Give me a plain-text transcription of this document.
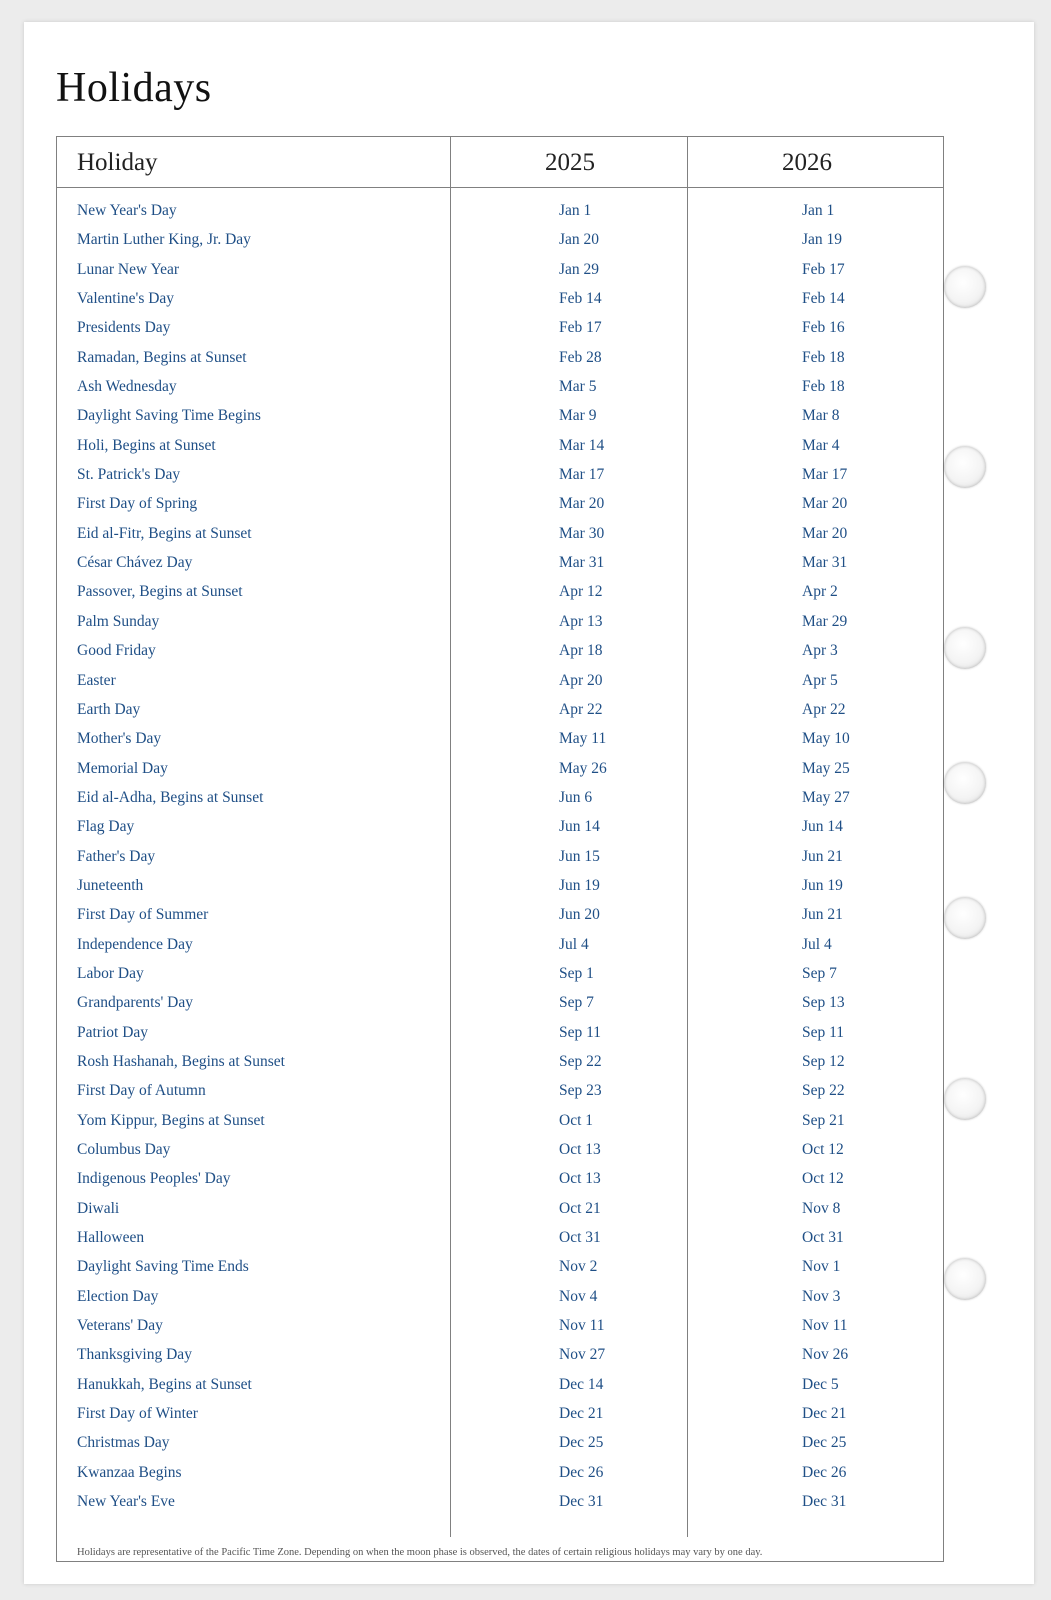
Holidays
Holiday	2025	2026
New Year's Day	Jan 1	Jan 1
Martin Luther King, Jr. Day	Jan 20	Jan 19
Lunar New Year	Jan 29	Feb 17
Valentine's Day	Feb 14	Feb 14
Presidents Day	Feb 17	Feb 16
Ramadan, Begins at Sunset	Feb 28	Feb 18
Ash Wednesday	Mar 5	Feb 18
Daylight Saving Time Begins	Mar 9	Mar 8
Holi, Begins at Sunset	Mar 14	Mar 4
St. Patrick's Day	Mar 17	Mar 17
First Day of Spring	Mar 20	Mar 20
Eid al-Fitr, Begins at Sunset	Mar 30	Mar 20
César Chávez Day	Mar 31	Mar 31
Passover, Begins at Sunset	Apr 12	Apr 2
Palm Sunday	Apr 13	Mar 29
Good Friday	Apr 18	Apr 3
Easter	Apr 20	Apr 5
Earth Day	Apr 22	Apr 22
Mother's Day	May 11	May 10
Memorial Day	May 26	May 25
Eid al-Adha, Begins at Sunset	Jun 6	May 27
Flag Day	Jun 14	Jun 14
Father's Day	Jun 15	Jun 21
Juneteenth	Jun 19	Jun 19
First Day of Summer	Jun 20	Jun 21
Independence Day	Jul 4	Jul 4
Labor Day	Sep 1	Sep 7
Grandparents' Day	Sep 7	Sep 13
Patriot Day	Sep 11	Sep 11
Rosh Hashanah, Begins at Sunset	Sep 22	Sep 12
First Day of Autumn	Sep 23	Sep 22
Yom Kippur, Begins at Sunset	Oct 1	Sep 21
Columbus Day	Oct 13	Oct 12
Indigenous Peoples' Day	Oct 13	Oct 12
Diwali	Oct 21	Nov 8
Halloween	Oct 31	Oct 31
Daylight Saving Time Ends	Nov 2	Nov 1
Election Day	Nov 4	Nov 3
Veterans' Day	Nov 11	Nov 11
Thanksgiving Day	Nov 27	Nov 26
Hanukkah, Begins at Sunset	Dec 14	Dec 5
First Day of Winter	Dec 21	Dec 21
Christmas Day	Dec 25	Dec 25
Kwanzaa Begins	Dec 26	Dec 26
New Year's Eve	Dec 31	Dec 31
Holidays are representative of the Pacific Time Zone. Depending on when the moon phase is observed, the dates of certain religious holidays may vary by one day.
